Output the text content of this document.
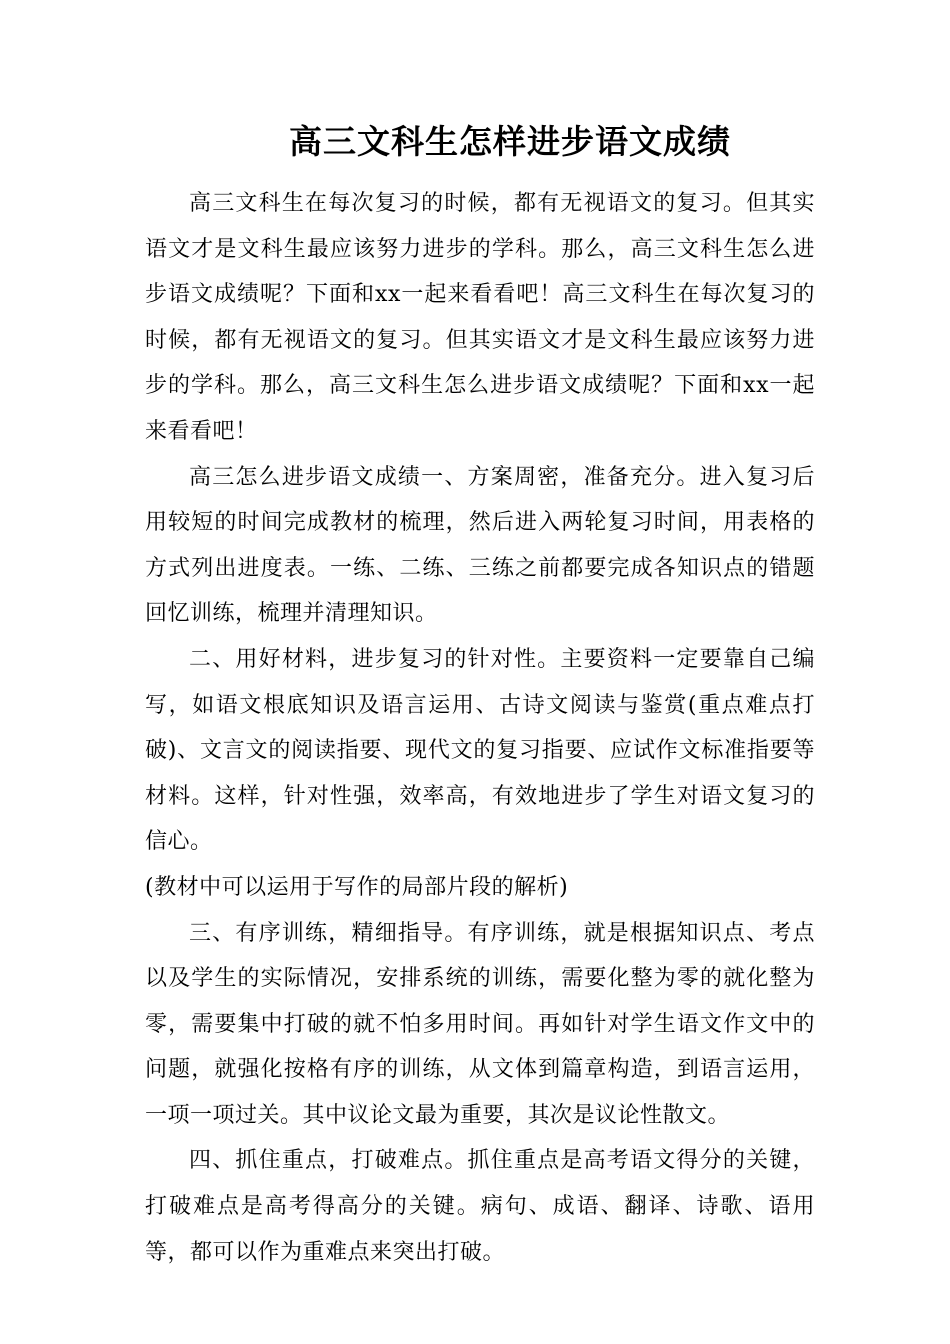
高三文科生怎样进步语文成绩

高三文科生在每次复习的时候，都有无视语文的复习。但其实语文才是文科生最应该努力进步的学科。那么，高三文科生怎么进步语文成绩呢？下面和xx一起来看看吧！高三文科生在每次复习的时候，都有无视语文的复习。但其实语文才是文科生最应该努力进步的学科。那么，高三文科生怎么进步语文成绩呢？下面和xx一起来看看吧！

高三怎么进步语文成绩一、方案周密，准备充分。进入复习后用较短的时间完成教材的梳理，然后进入两轮复习时间，用表格的方式列出进度表。一练、二练、三练之前都要完成各知识点的错题回忆训练，梳理并清理知识。

二、用好材料，进步复习的针对性。主要资料一定要靠自己编写，如语文根底知识及语言运用、古诗文阅读与鉴赏(重点难点打破)、文言文的阅读指要、现代文的复习指要、应试作文标准指要等材料。这样，针对性强，效率高，有效地进步了学生对语文复习的信心。

(教材中可以运用于写作的局部片段的解析)

三、有序训练，精细指导。有序训练，就是根据知识点、考点以及学生的实际情况，安排系统的训练，需要化整为零的就化整为零，需要集中打破的就不怕多用时间。再如针对学生语文作文中的问题，就强化按格有序的训练，从文体到篇章构造，到语言运用，一项一项过关。其中议论文最为重要，其次是议论性散文。

四、抓住重点，打破难点。抓住重点是高考语文得分的关键，打破难点是高考得高分的关键。病句、成语、翻译、诗歌、语用等，都可以作为重难点来突出打破。
